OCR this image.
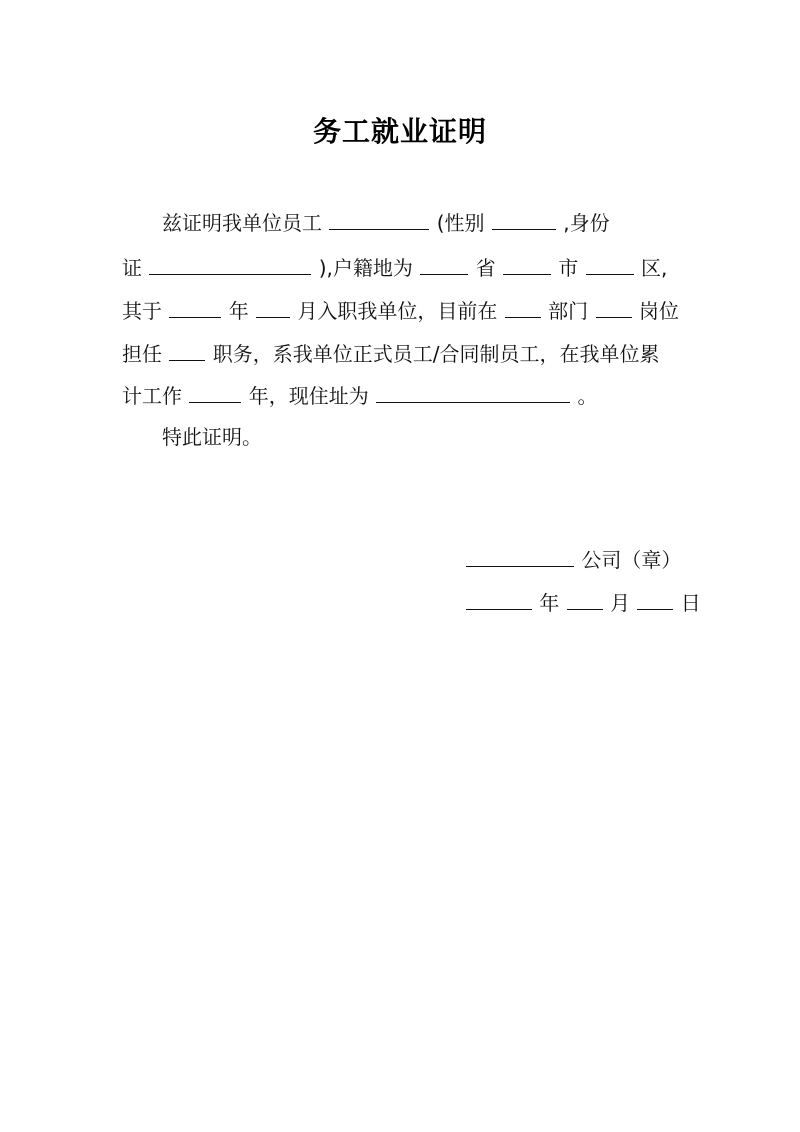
务工就业证明
兹证明我单位员工	(性别	,身份
证	),户籍地为	省	市	区,
其于	年 月入职我单位，目前在	部门	岗位
担任	职务，系我单位正式员工/合同制员工，在我单位累
计工作	年，现住址为	。
特此证明。
公司（章）
年	月	日
